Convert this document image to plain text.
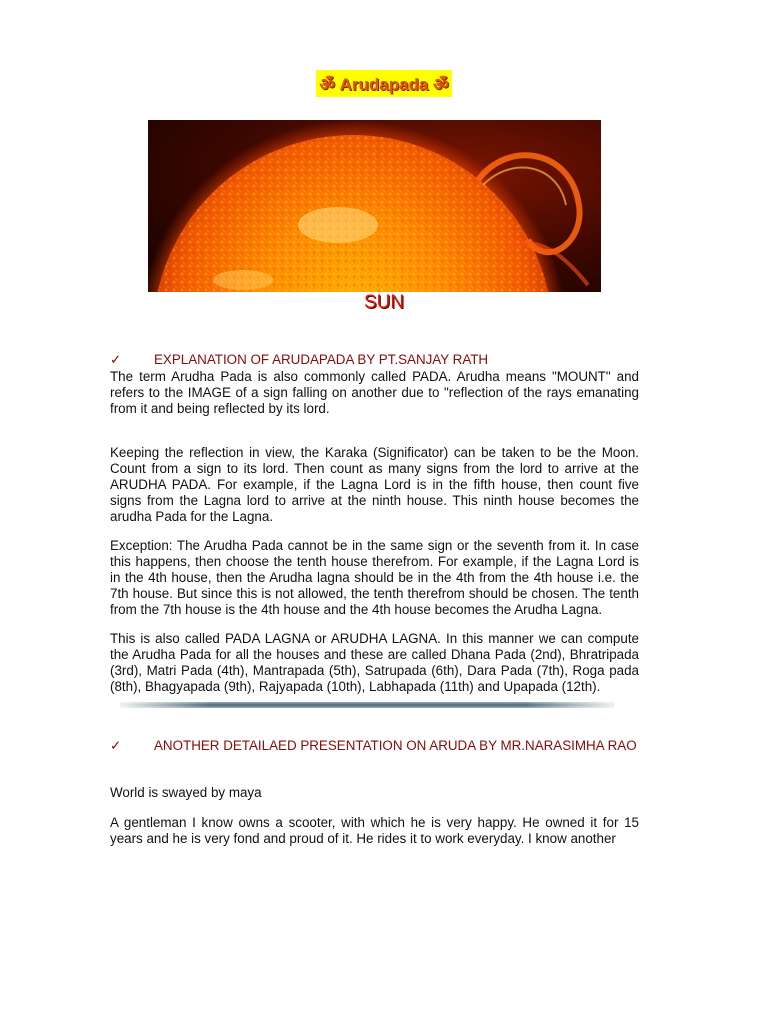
ॐ Arudapada ॐ
SUN
✓ EXPLANATION OF ARUDAPADA BY PT.SANJAY RATH

The term Arudha Pada is also commonly called PADA. Arudha means "MOUNT" and refers to the IMAGE of a sign falling on another due to "reflection of the rays emanating from it and being reflected by its lord.

Keeping the reflection in view, the Karaka (Significator) can be taken to be the Moon. Count from a sign to its lord. Then count as many signs from the lord to arrive at the ARUDHA PADA. For example, if the Lagna Lord is in the fifth house, then count five signs from the Lagna lord to arrive at the ninth house. This ninth house becomes the arudha Pada for the Lagna.

Exception: The Arudha Pada cannot be in the same sign or the seventh from it. In case this happens, then choose the tenth house therefrom. For example, if the Lagna Lord is in the 4th house, then the Arudha lagna should be in the 4th from the 4th house i.e. the 7th house. But since this is not allowed, the tenth therefrom should be chosen. The tenth from the 7th house is the 4th house and the 4th house becomes the Arudha Lagna.

This is also called PADA LAGNA or ARUDHA LAGNA. In this manner we can compute the Arudha Pada for all the houses and these are called Dhana Pada (2nd), Bhratripada (3rd), Matri Pada (4th), Mantrapada (5th), Satrupada (6th), Dara Pada (7th), Roga pada (8th), Bhagyapada (9th), Rajyapada (10th), Labhapada (11th) and Upapada (12th).

✓ ANOTHER DETAILAED PRESENTATION ON ARUDA BY MR.NARASIMHA RAO

World is swayed by maya

A gentleman I know owns a scooter, with which he is very happy. He owned it for 15 years and he is very fond and proud of it. He rides it to work everyday. I know another
